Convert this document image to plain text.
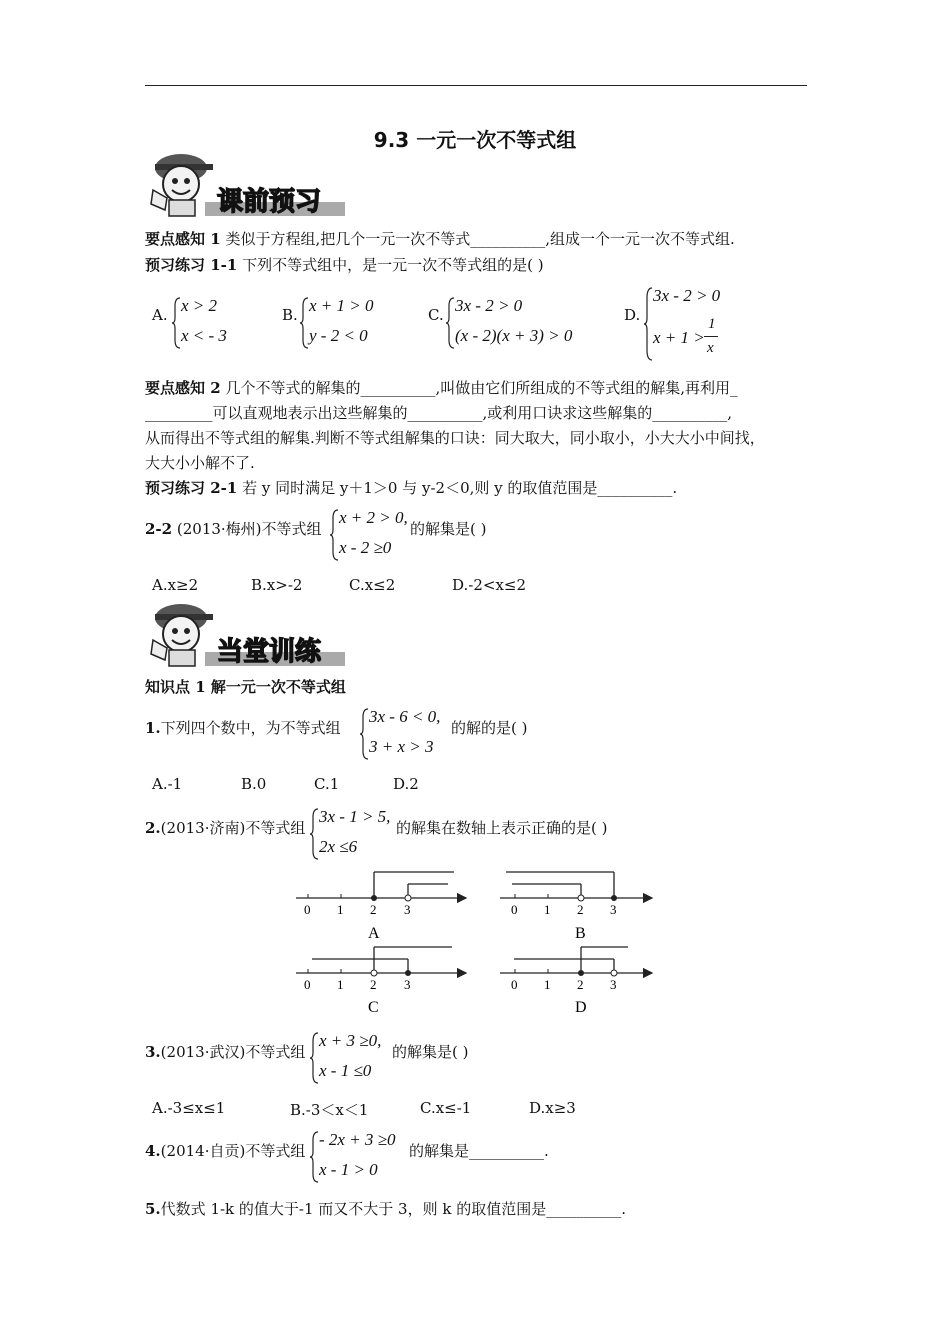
9.3 一元一次不等式组
课前预习
要点感知 1 类似于方程组,把几个一元一次不等式__________,组成一个一元一次不等式组.
预习练习 1-1 下列不等式组中，是一元一次不等式组的是( )
A. x > 2
x < - 3
B. x + 1 > 0
y - 2 < 0
C. 3x - 2 > 0
(x - 2)(x + 3) > 0
D.
3x - 2 > 0
x + 1 >
1
x
要点感知 2 几个不等式的解集的__________,叫做由它们所组成的不等式组的解集,再利用_
_________可以直观地表示出这些解集的__________,或利用口诀求这些解集的__________,
从而得出不等式组的解集.判断不等式组解集的口诀：同大取大，同小取小，小大大小中间找，
大大小小解不了.
预习练习 2-1 若 y 同时满足 y＋1＞0 与 y-2＜0,则 y 的取值范围是__________.
2-2 (2013·梅州)不等式组
x + 2 > 0,
x - 2 ≥0
的解集是( )
A.x≥2	B.x>-2	C.x≤2	D.-2<x≤2
当堂训练
知识点 1 解一元一次不等式组
1.下列四个数中，为不等式组
3x - 6 < 0,
3 + x > 3
的解的是( )
A.-1	B.0	C.1	D.2
2.(2013·济南)不等式组
3x - 1 > 5,
2x ≤6
的解集在数轴上表示正确的是( )
0 1 2 3
A
0 1 2 3
B
0 1 2 3
C
0 1 2 3
D
3.(2013·武汉)不等式组
x + 3 ≥0,
x - 1 ≤0
的解集是( )
A.-3≤x≤1	B.-3＜x＜1	C.x≤-1	D.x≥3
4.(2014·自贡)不等式组
- 2x + 3 ≥0
x - 1 > 0
的解集是__________.
5.代数式 1-k 的值大于-1 而又不大于 3，则 k 的取值范围是__________.
